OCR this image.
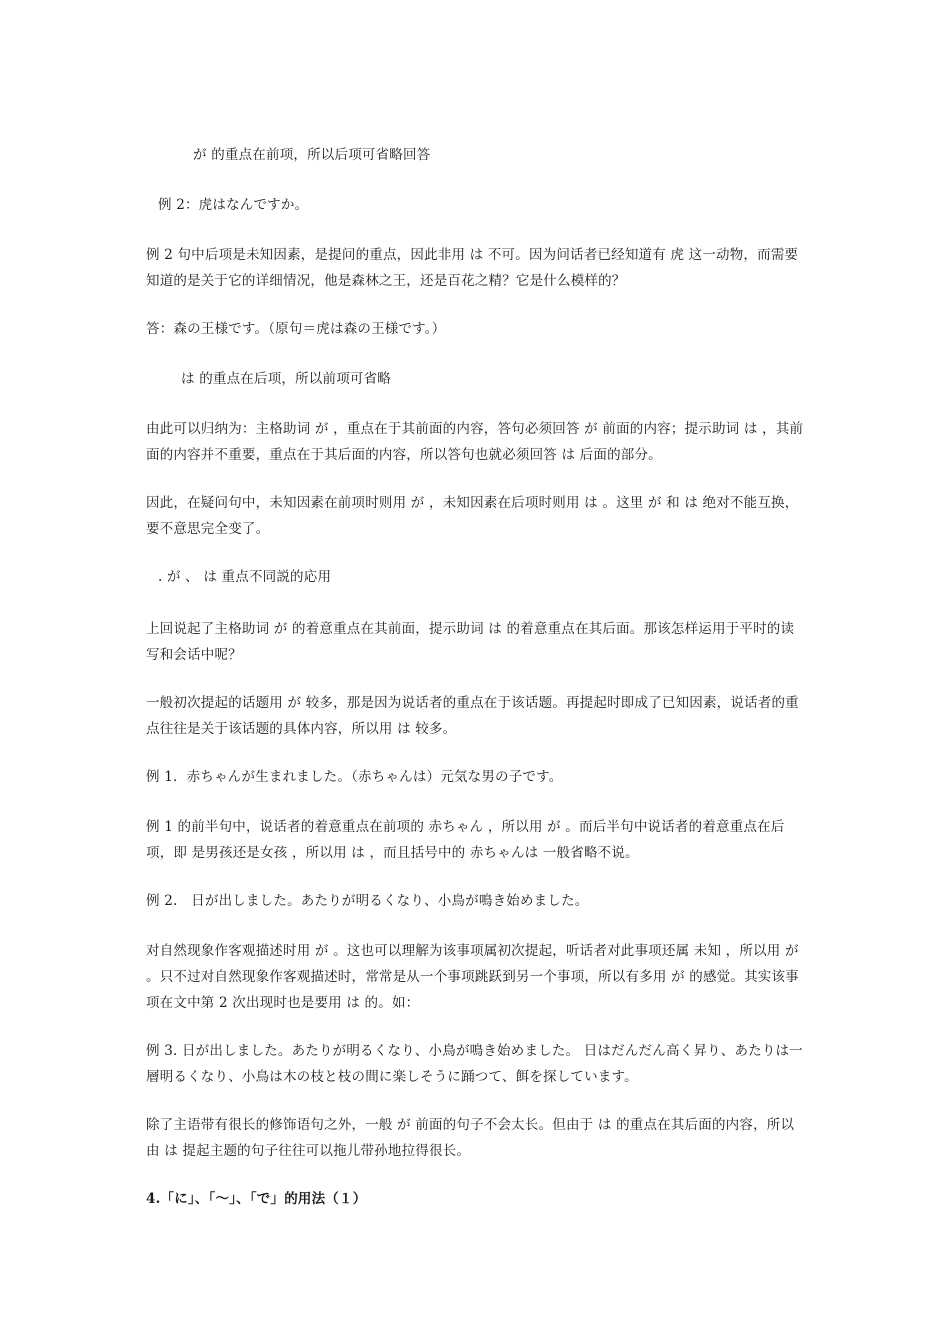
が 的重点在前项，所以后项可省略回答
例 2：虎はなんですか。
例 2 句中后项是未知因素，是提问的重点，因此非用 は 不可。因为问话者已经知道有 虎 这一动物，而需要知道的是关于它的详细情况，他是森林之王，还是百花之精？它是什么模样的？
答：森の王様です。（原句＝虎は森の王様です。）
は 的重点在后项，所以前项可省略
由此可以归纳为：主格助词 が ，重点在于其前面的内容，答句必须回答 が 前面的内容；提示助词 は ，其前面的内容并不重要，重点在于其后面的内容，所以答句也就必须回答 は 后面的部分。
因此，在疑问句中，未知因素在前项时则用 が ，未知因素在后项时则用 は 。这里 が 和 は 绝对不能互换，要不意思完全变了。
. が 、 は 重点不同説的応用
上回说起了主格助词 が 的着意重点在其前面，提示助词 は 的着意重点在其后面。那该怎样运用于平时的读写和会话中呢？
一般初次提起的话题用 が 较多，那是因为说话者的重点在于该话题。再提起时即成了已知因素，说话者的重点往往是关于该话题的具体内容，所以用 は 较多。
例 1．赤ちゃんが生まれました。（赤ちゃんは）元気な男の子です。
例 1 的前半句中，说话者的着意重点在前项的 赤ちゃん ，所以用 が 。而后半句中说话者的着意重点在后项，即 是男孩还是女孩 ，所以用 は ，而且括号中的 赤ちゃんは 一般省略不说。
例 2.　日が出しました。あたりが明るくなり、小鳥が鳴き始めました。
对自然现象作客观描述时用 が 。这也可以理解为该事项属初次提起，听话者对此事项还属 未知 ，所以用 が 。只不过对自然现象作客观描述时，常常是从一个事项跳跃到另一个事项，所以有多用 が 的感觉。其实该事项在文中第 2 次出现时也是要用 は 的。如：
例 3. 日が出しました。あたりが明るくなり、小鳥が鳴き始めました。 日はだんだん高く昇り、あたりは一層明るくなり、小鳥は木の枝と枝の間に楽しそうに踊つて、餌を探しています。
除了主语带有很长的修饰语句之外，一般 が 前面的句子不会太长。但由于 は 的重点在其后面的内容，所以由 は 提起主题的句子往往可以拖儿带孙地拉得很长。
4.「に」、「～」、「で」的用法（１）
